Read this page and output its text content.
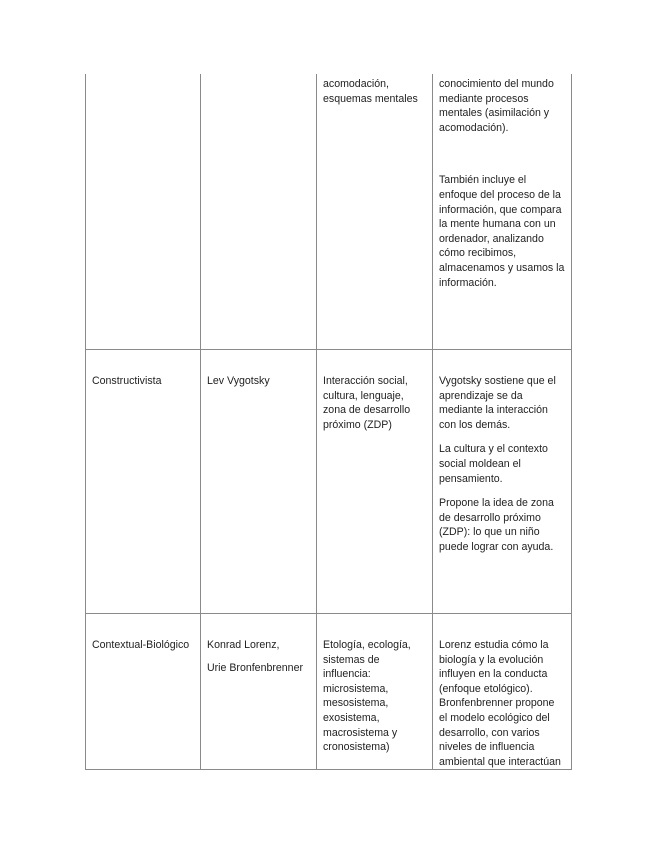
		acomodación, esquemas mentales	conocimiento del mundo mediante procesos mentales (asimilación y acomodación).

También incluye el enfoque del proceso de la información, que compara la mente humana con un ordenador, analizando cómo recibimos, almacenamos y usamos la información.

Constructivista	Lev Vygotsky	Interacción social, cultura, lenguaje, zona de desarrollo próximo (ZDP)	Vygotsky sostiene que el aprendizaje se da mediante la interacción con los demás.

La cultura y el contexto social moldean el pensamiento.

Propone la idea de zona de desarrollo próximo (ZDP): lo que un niño puede lograr con ayuda.

Contextual-Biológico	Konrad Lorenz,

Urie Bronfenbrenner	Etología, ecología, sistemas de influencia: microsistema, mesosistema, exosistema, macrosistema y cronosistema)	Lorenz estudia cómo la biología y la evolución influyen en la conducta (enfoque etológico). Bronfenbrenner propone el modelo ecológico del desarrollo, con varios niveles de influencia ambiental que interactúan
